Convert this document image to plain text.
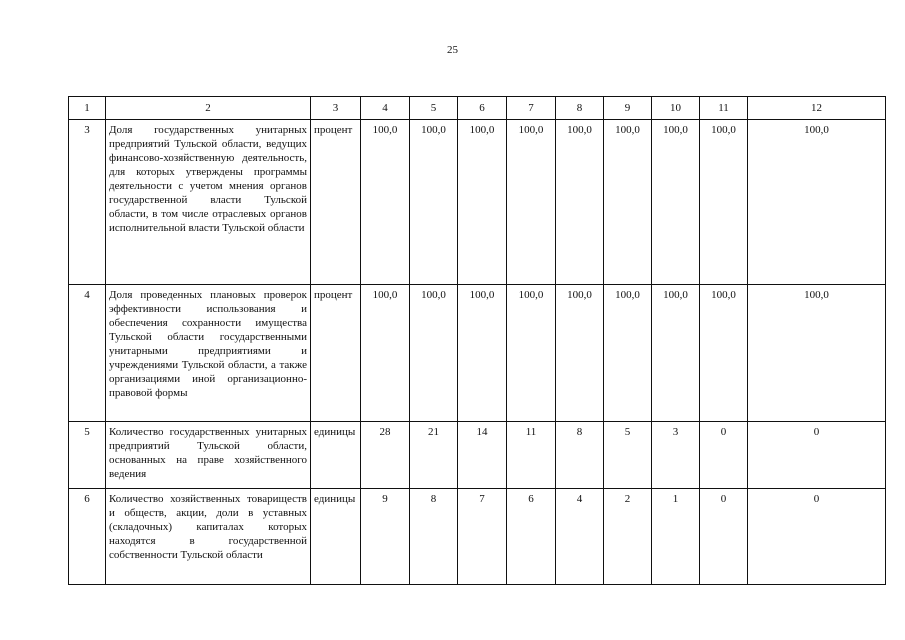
25
1	2	3	4	5	6	7	8	9	10	11	12
3	Доля государственных унитарных предприятий Тульской области, ведущих финансово-хозяйственную деятельность, для которых утверждены программы деятельности с учетом мнения органов государственной власти Тульской области, в том числе отраслевых органов исполнительной власти Тульской области	процент	100,0	100,0	100,0	100,0	100,0	100,0	100,0	100,0	100,0
4	Доля проведенных плановых проверок эффективности использования и обеспечения сохранности имущества Тульской области государственными унитарными предприятиями и учреждениями Тульской области, а также организациями иной организационно-правовой формы	процент	100,0	100,0	100,0	100,0	100,0	100,0	100,0	100,0	100,0
5	Количество государственных унитарных предприятий Тульской области, основанных на праве хозяйственного ведения	единицы	28	21	14	11	8	5	3	0	0
6	Количество хозяйственных товариществ и обществ, акции, доли в уставных (складочных) капиталах которых находятся в государственной собственности Тульской области	единицы	9	8	7	6	4	2	1	0	0
